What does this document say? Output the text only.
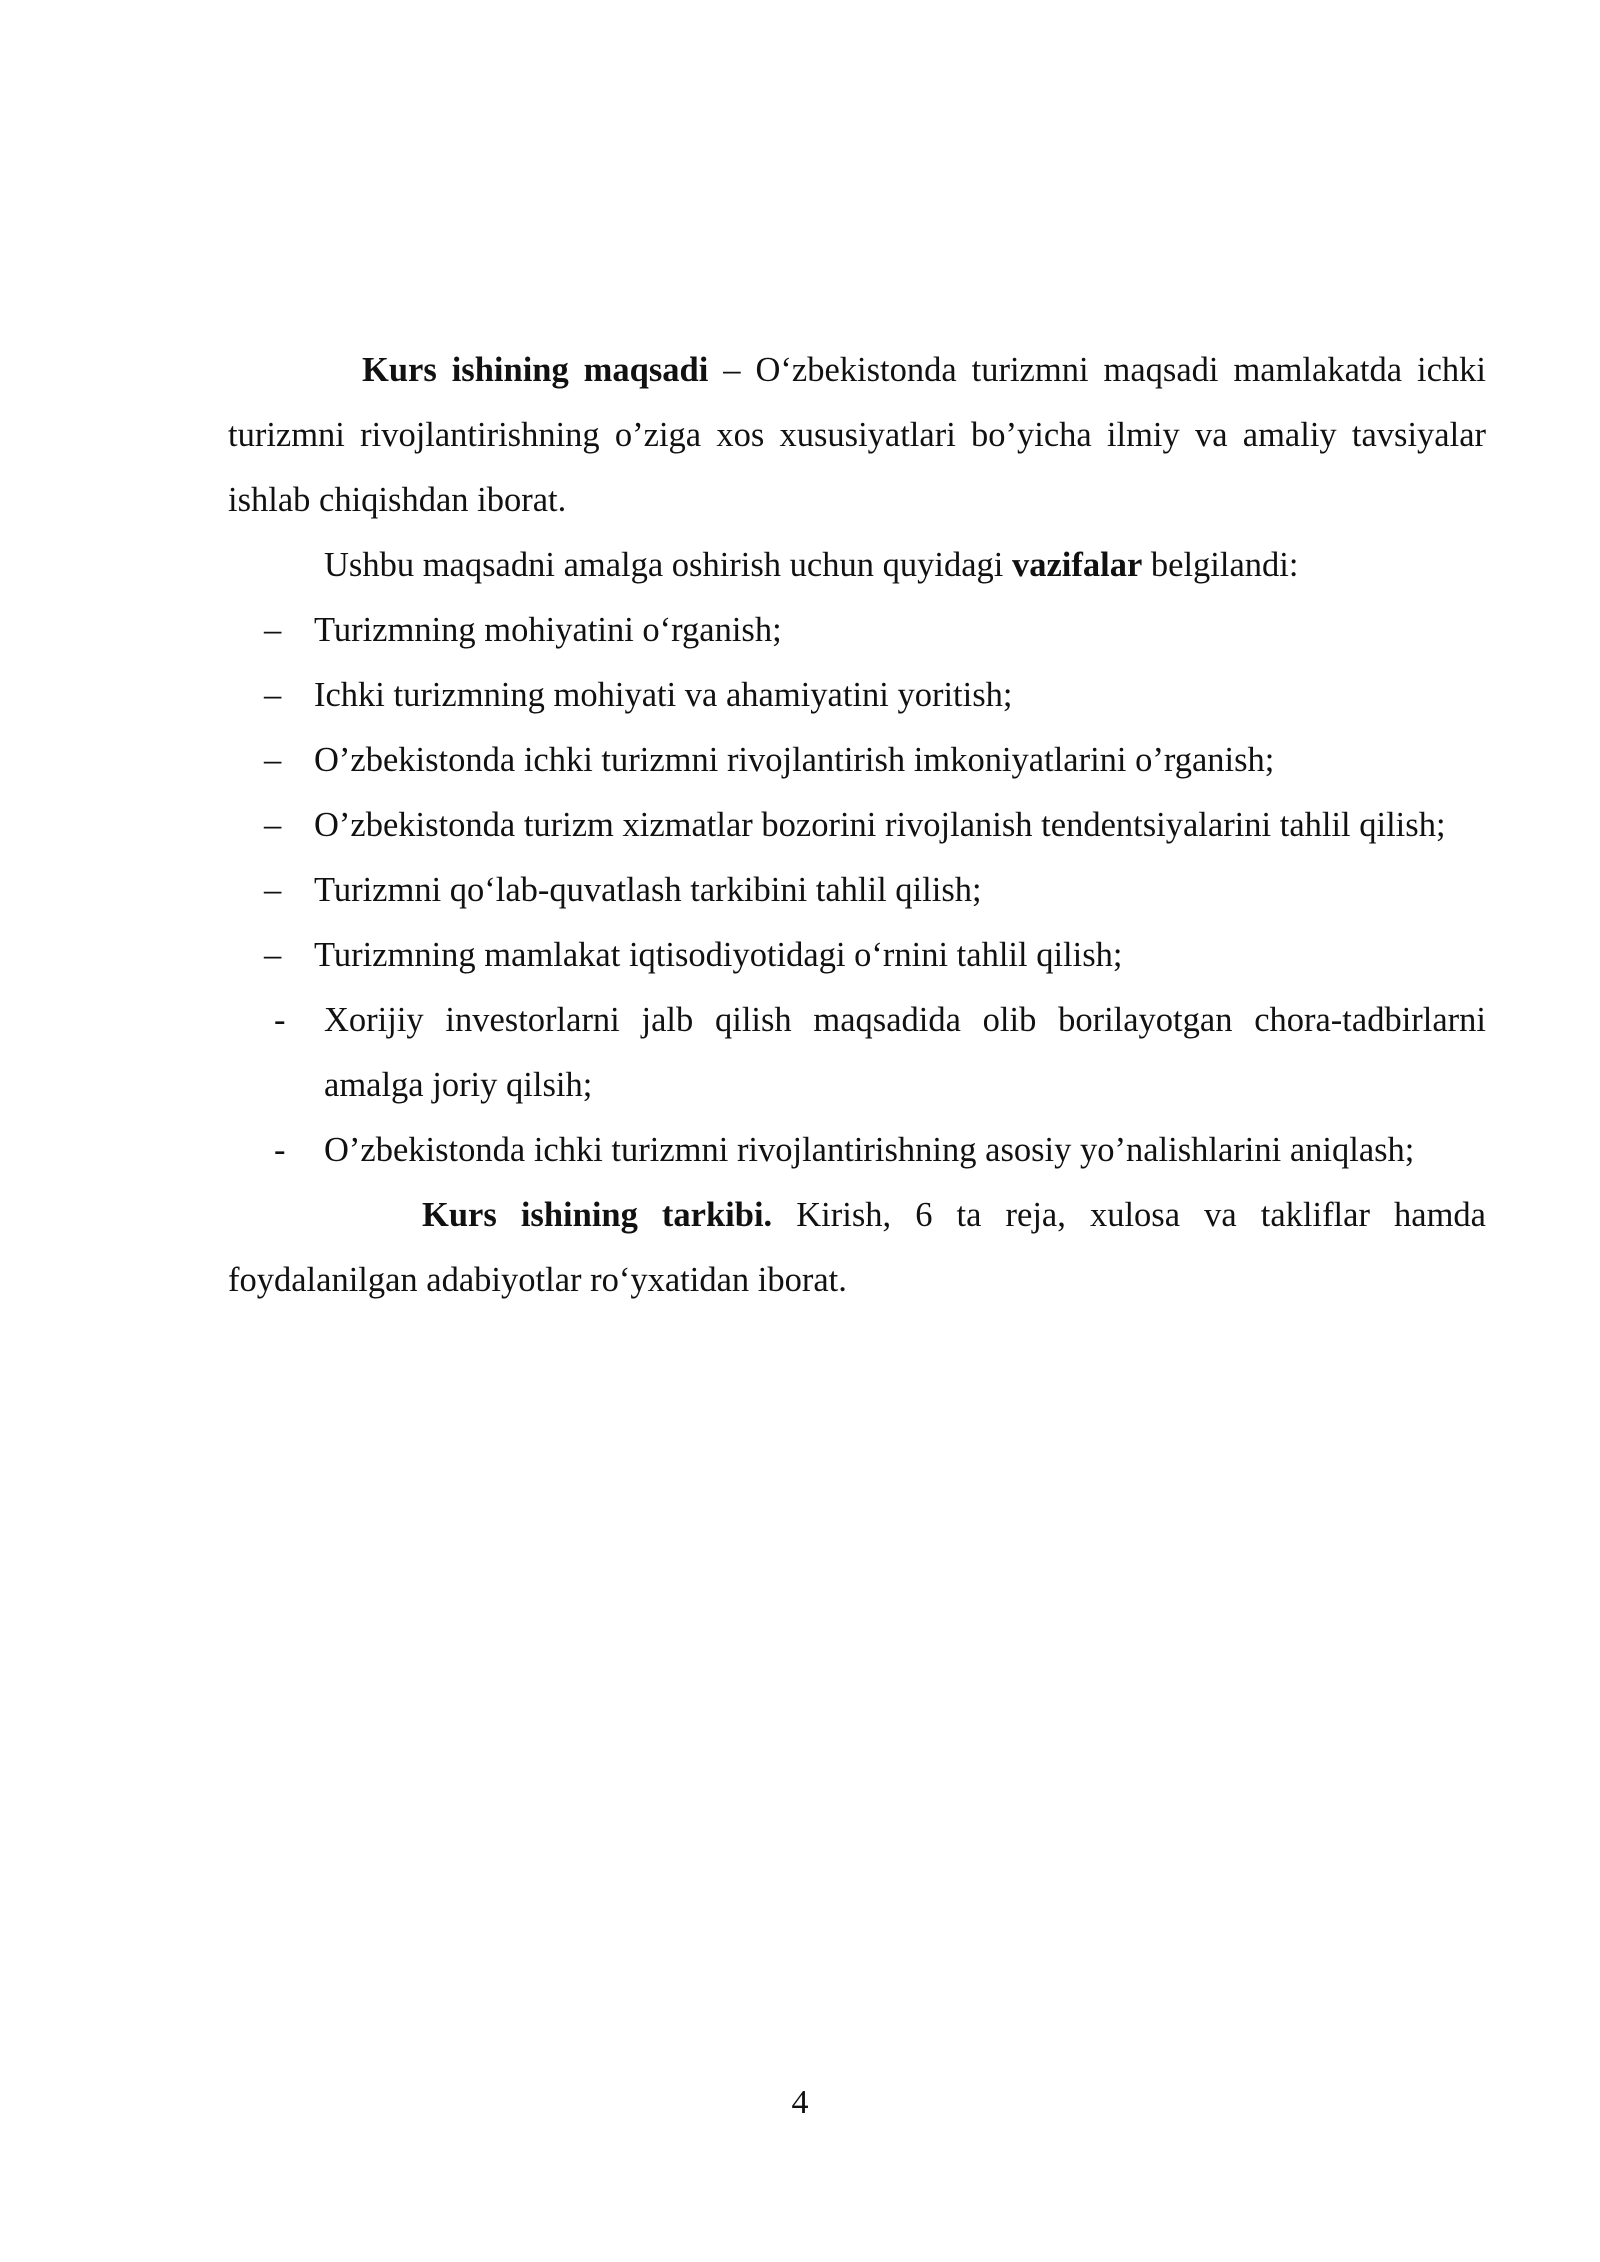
Kurs ishining maqsadi – O‘zbekistonda turizmni maqsadi mamlakatda ichki turizmni rivojlantirishning o’ziga xos xususiyatlari bo’yicha ilmiy va amaliy tavsiyalar ishlab chiqishdan iborat.

Ushbu maqsadni amalga oshirish uchun quyidagi vazifalar belgilandi:

– Turizmning mohiyatini o‘rganish;
– Ichki turizmning mohiyati va ahamiyatini yoritish;
– O’zbekistonda ichki turizmni rivojlantirish imkoniyatlarini o’rganish;
– O’zbekistonda turizm xizmatlar bozorini rivojlanish tendentsiyalarini tahlil qilish;
– Turizmni qo‘lab-quvatlash tarkibini tahlil qilish;
– Turizmning mamlakat iqtisodiyotidagi o‘rnini tahlil qilish;
- Xorijiy investorlarni jalb qilish maqsadida olib borilayotgan chora-tadbirlarni amalga joriy qilsih;
- O’zbekistonda ichki turizmni rivojlantirishning asosiy yo’nalishlarini aniqlash;

Kurs ishining tarkibi. Kirish, 6 ta reja, xulosa va takliflar hamda foydalanilgan adabiyotlar ro‘yxatidan iborat.

4
